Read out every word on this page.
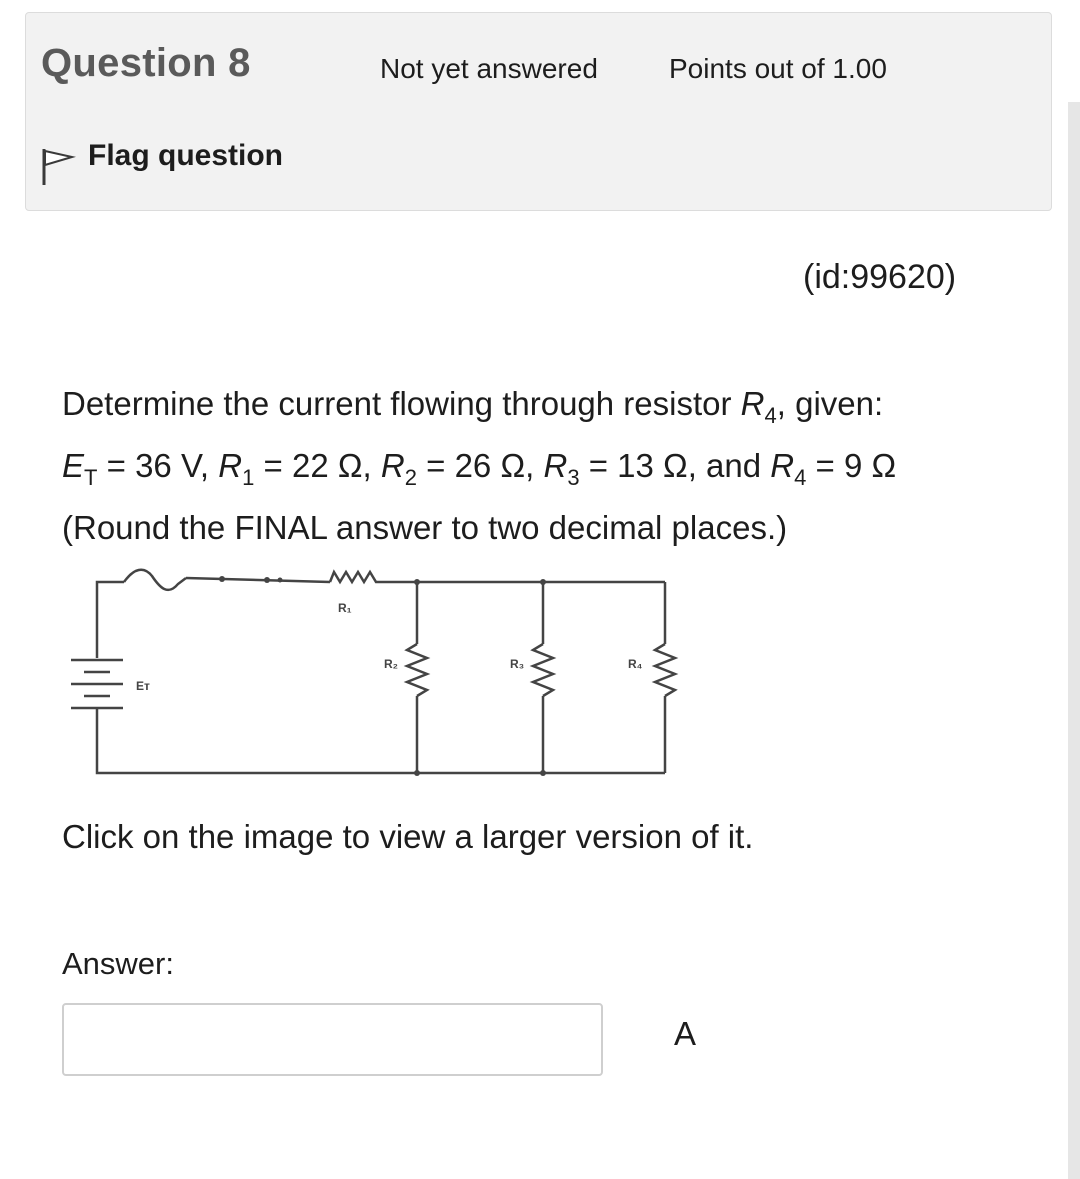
Question 8	Not yet answered	Points out of 1.00
Flag question
(id:99620)
Determine the current flowing through resistor $R_4$, given:
$E_T = 36$ V, $R_1 = 22$ Ω, $R_2 = 26$ Ω, $R_3 = 13$ Ω, and $R_4 = 9$ Ω
(Round the FINAL answer to two decimal places.)
R₁
R₂	R₃	R₄
Eᴛ
Click on the image to view a larger version of it.
Answer:
A
